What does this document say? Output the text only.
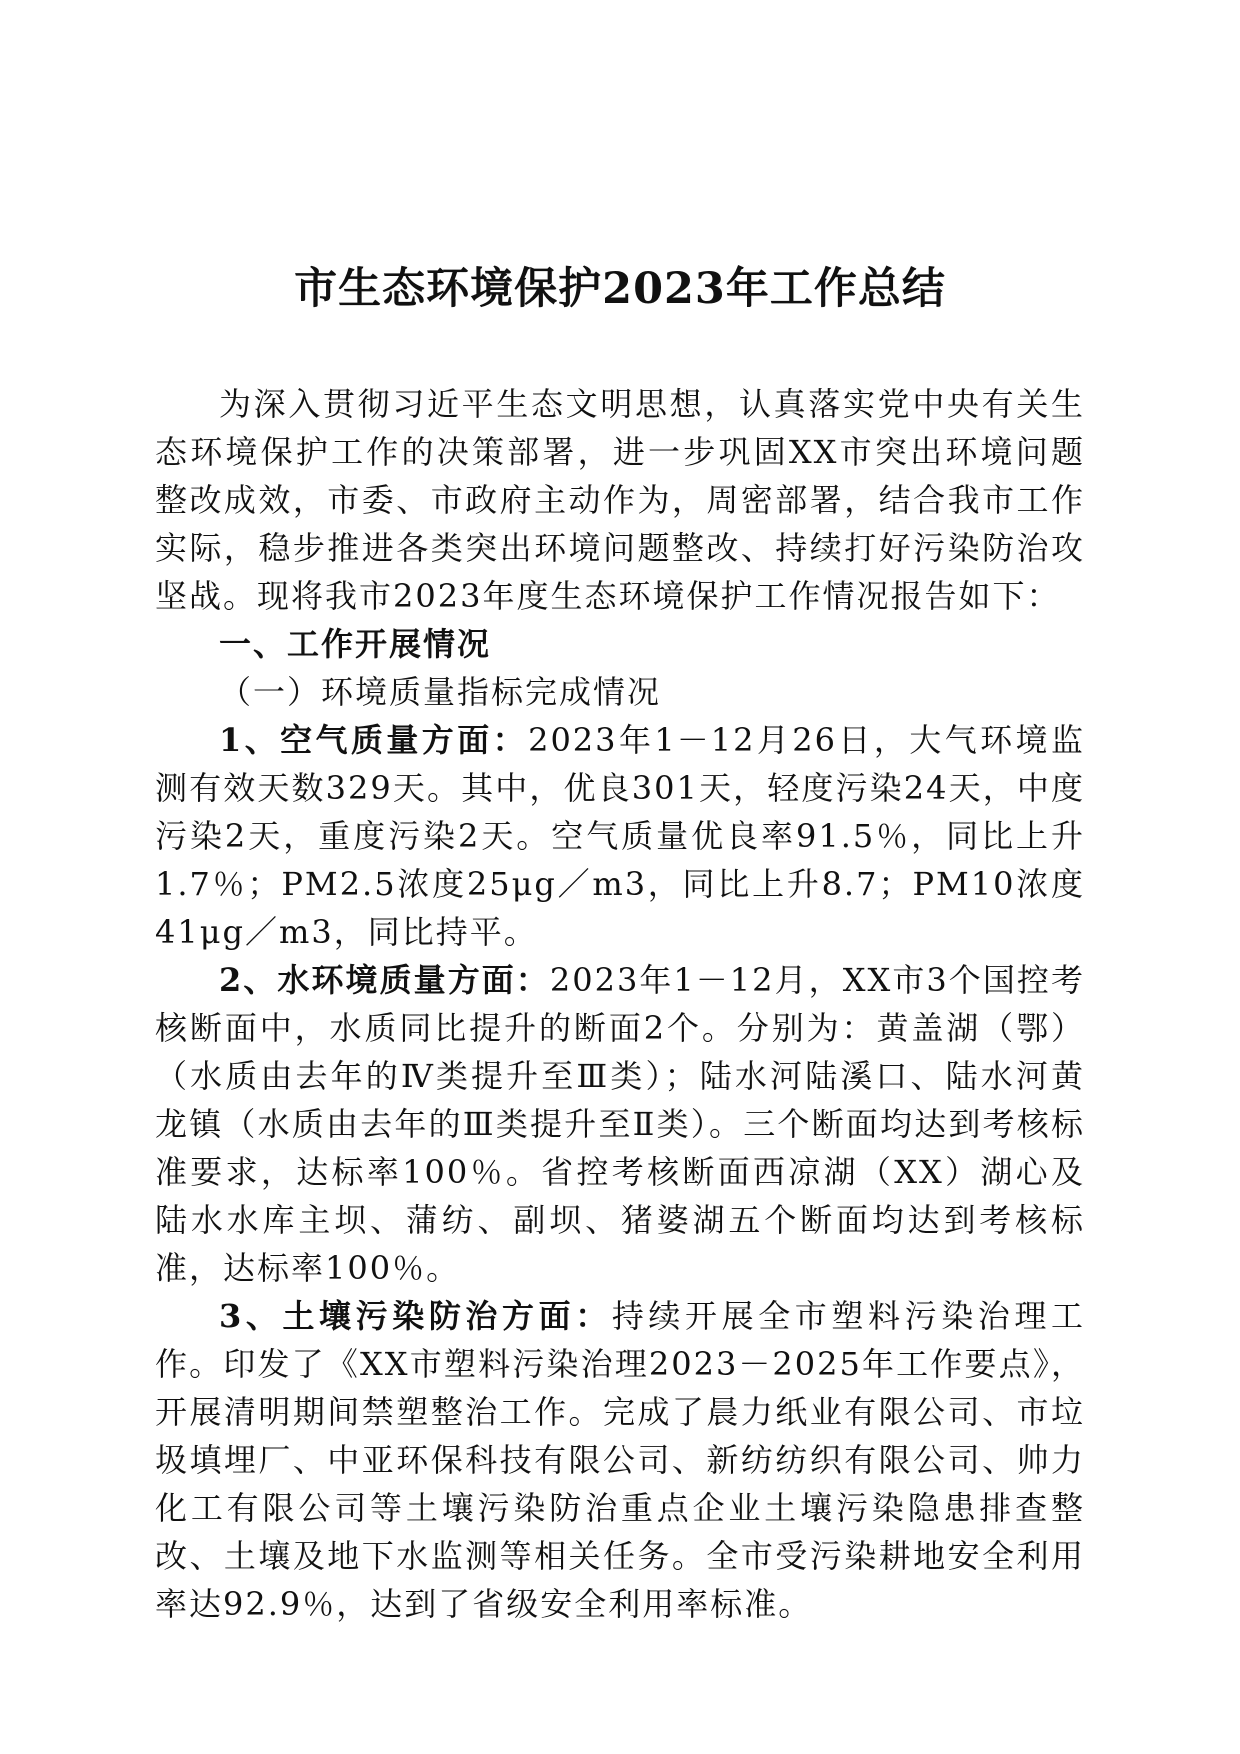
市生态环境保护2023年工作总结

为深入贯彻习近平生态文明思想，认真落实党中央有关生态环境保护工作的决策部署，进一步巩固XX市突出环境问题整改成效，市委、市政府主动作为，周密部署，结合我市工作实际，稳步推进各类突出环境问题整改、持续打好污染防治攻坚战。现将我市2023年度生态环境保护工作情况报告如下：

一、工作开展情况

（一）环境质量指标完成情况

1、空气质量方面：2023年1－12月26日，大气环境监测有效天数329天。其中，优良301天，轻度污染24天，中度污染2天，重度污染2天。空气质量优良率91.5％，同比上升1.7％；PM2.5浓度25μg／m3，同比上升8.7；PM10浓度41μg／m3，同比持平。

2、水环境质量方面：2023年1－12月，XX市3个国控考核断面中，水质同比提升的断面2个。分别为：黄盖湖（鄂）（水质由去年的Ⅳ类提升至Ⅲ类）；陆水河陆溪口、陆水河黄龙镇（水质由去年的Ⅲ类提升至Ⅱ类）。三个断面均达到考核标准要求，达标率100％。省控考核断面西凉湖（XX）湖心及陆水水库主坝、蒲纺、副坝、猪婆湖五个断面均达到考核标准，达标率100％。

3、土壤污染防治方面：持续开展全市塑料污染治理工作。印发了《XX市塑料污染治理2023－2025年工作要点》，开展清明期间禁塑整治工作。完成了晨力纸业有限公司、市垃圾填埋厂、中亚环保科技有限公司、新纺纺织有限公司、帅力化工有限公司等土壤污染防治重点企业土壤污染隐患排查整改、土壤及地下水监测等相关任务。全市受污染耕地安全利用率达92.9％，达到了省级安全利用率标准。
